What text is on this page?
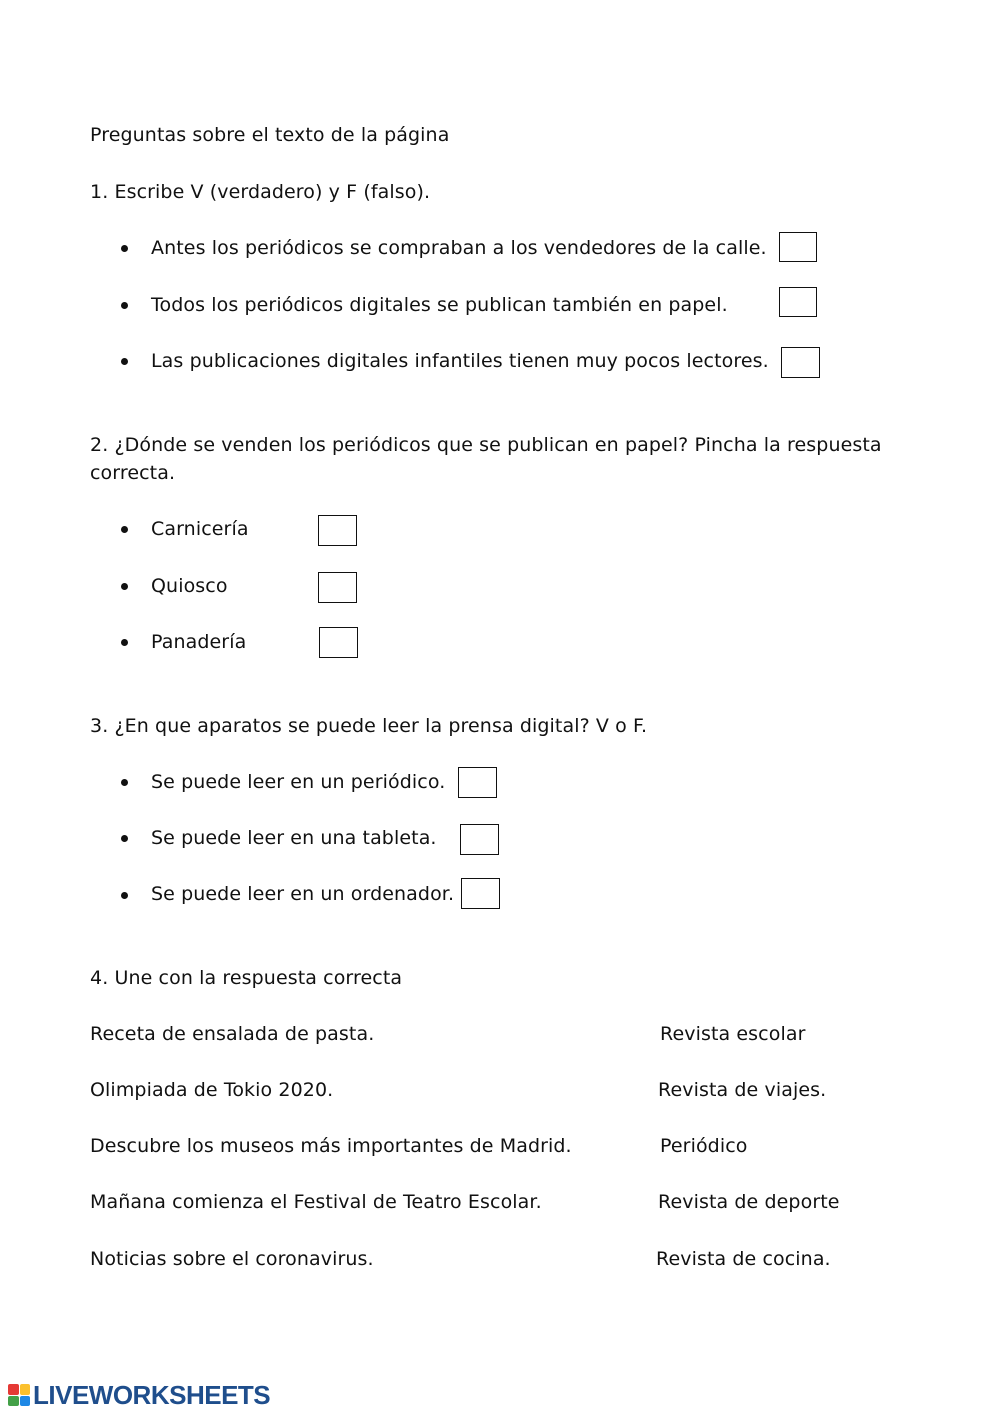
Preguntas sobre el texto de la página
1. Escribe V (verdadero) y F (falso).
Antes los periódicos se compraban a los vendedores de la calle.
Todos los periódicos digitales se publican también en papel.
Las publicaciones digitales infantiles tienen muy pocos lectores.
2. ¿Dónde se venden los periódicos que se publican en papel? Pincha la respuesta
correcta.
Carnicería
Quiosco
Panadería
3. ¿En que aparatos se puede leer la prensa digital? V o F.
Se puede leer en un periódico.
Se puede leer en una tableta.
Se puede leer en un ordenador.
4. Une con la respuesta correcta
Receta de ensalada de pasta.	Revista escolar
Olimpiada de Tokio 2020.	Revista de viajes.
Descubre los museos más importantes de Madrid.	Periódico
Mañana comienza el Festival de Teatro Escolar.	Revista de deporte
Noticias sobre el coronavirus.	Revista de cocina.
LIVEWORKSHEETS
